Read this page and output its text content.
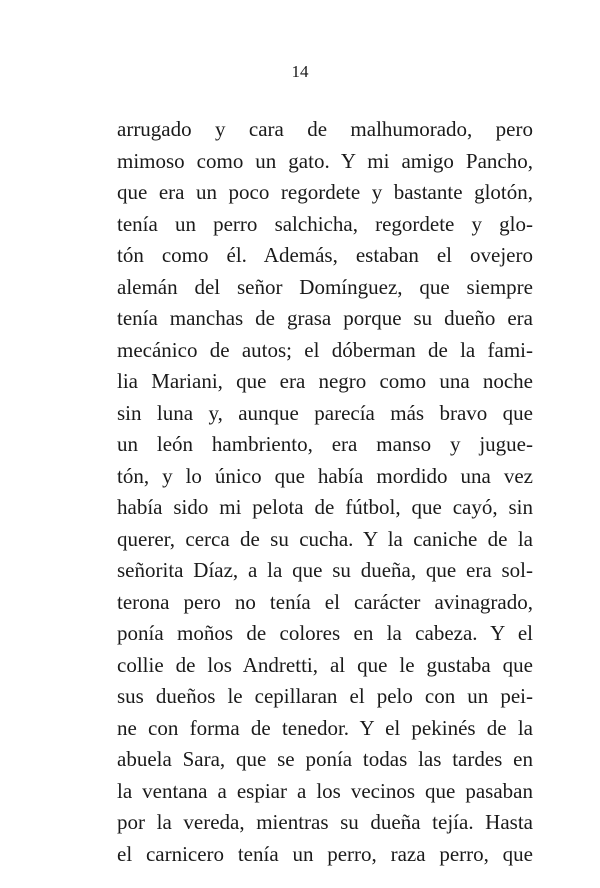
14
arrugado y cara de malhumorado, pero
mimoso como un gato. Y mi amigo Pancho,
que era un poco regordete y bastante glotón,
tenía un perro salchicha, regordete y glo-
tón como él. Además, estaban el ovejero
alemán del señor Domínguez, que siempre
tenía manchas de grasa porque su dueño era
mecánico de autos; el dóberman de la fami-
lia Mariani, que era negro como una noche
sin luna y, aunque parecía más bravo que
un león hambriento, era manso y jugue-
tón, y lo único que había mordido una vez
había sido mi pelota de fútbol, que cayó, sin
querer, cerca de su cucha. Y la caniche de la
señorita Díaz, a la que su dueña, que era sol-
terona pero no tenía el carácter avinagrado,
ponía moños de colores en la cabeza. Y el
collie de los Andretti, al que le gustaba que
sus dueños le cepillaran el pelo con un pei-
ne con forma de tenedor. Y el pekinés de la
abuela Sara, que se ponía todas las tardes en
la ventana a espiar a los vecinos que pasaban
por la vereda, mientras su dueña tejía. Hasta
el carnicero tenía un perro, raza perro, que
